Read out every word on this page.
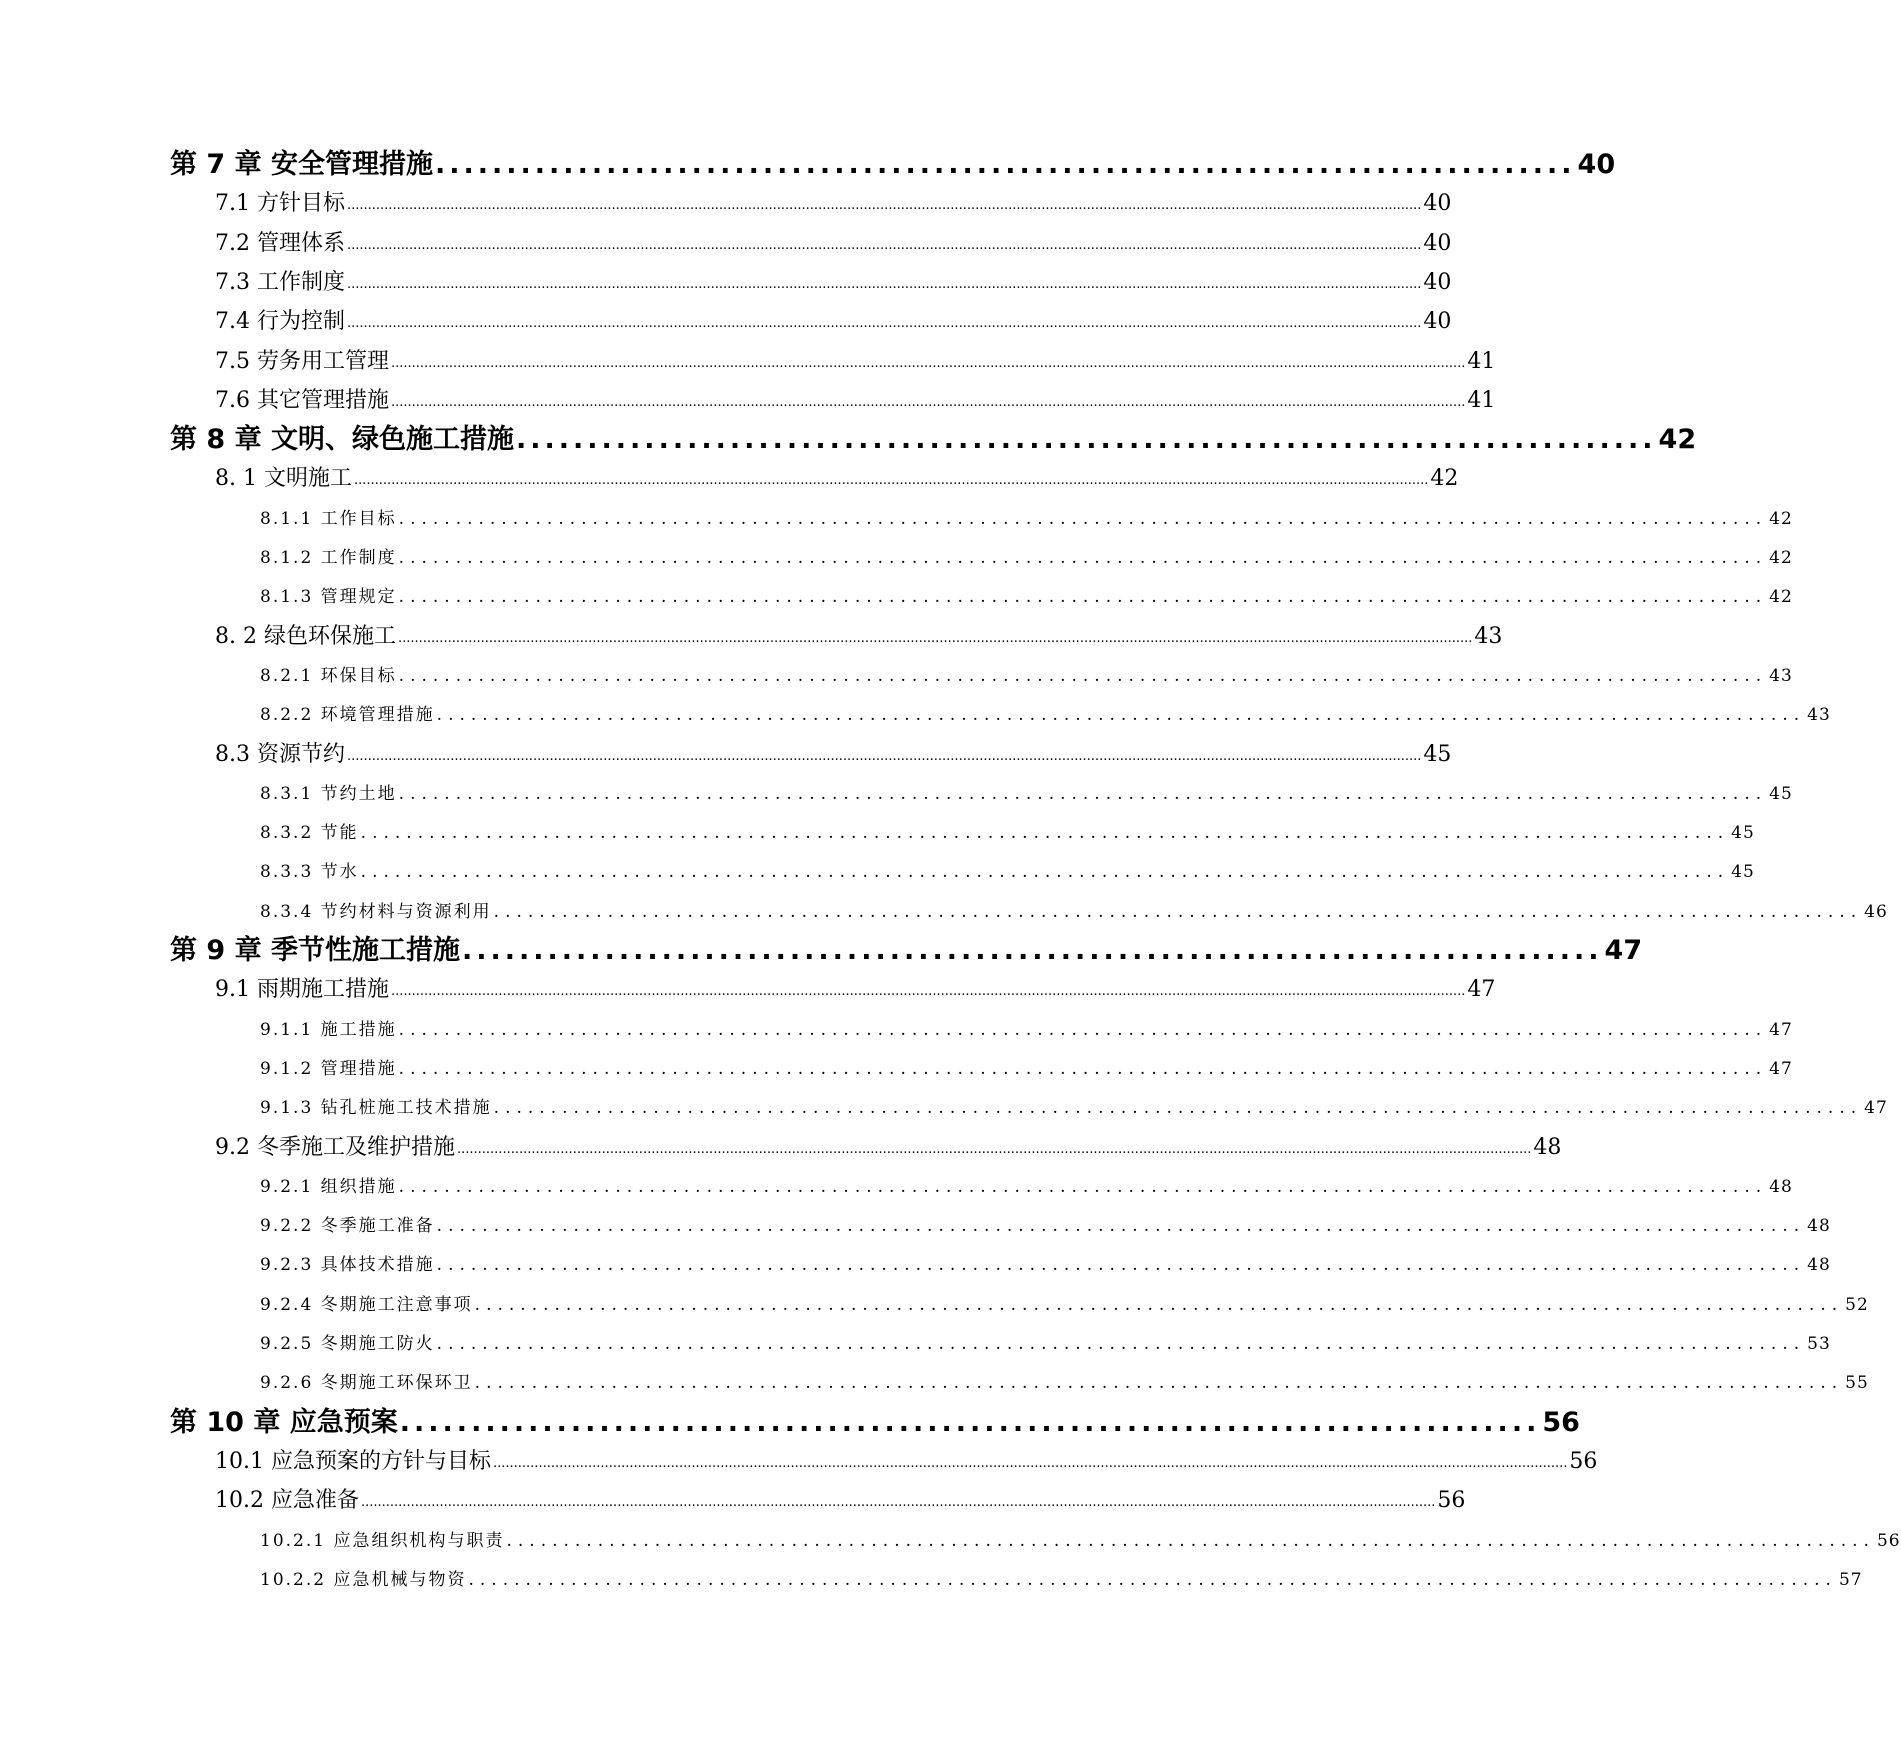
第 7 章 安全管理措施 ................................................................................ 40
7.1 方针目标 .................................................................................................................................................................................................................................................................... 40
7.2 管理体系 .................................................................................................................................................................................................................................................................... 40
7.3 工作制度 .................................................................................................................................................................................................................................................................... 40
7.4 行为控制 .................................................................................................................................................................................................................................................................... 40
7.5 劳务用工管理 .................................................................................................................................................................................................................................................................... 41
7.6 其它管理措施 .................................................................................................................................................................................................................................................................... 41
第 8 章 文明、绿色施工措施 ................................................................................ 42
8. 1 文明施工 .................................................................................................................................................................................................................................................................... 42
8.1.1 工作目标 ........................................................................................................................ 42
8.1.2 工作制度 ........................................................................................................................ 42
8.1.3 管理规定 ........................................................................................................................ 42
8. 2 绿色环保施工 .................................................................................................................................................................................................................................................................... 43
8.2.1 环保目标 ........................................................................................................................ 43
8.2.2 环境管理措施 ........................................................................................................................ 43
8.3 资源节约 .................................................................................................................................................................................................................................................................... 45
8.3.1 节约土地 ........................................................................................................................ 45
8.3.2 节能 ........................................................................................................................ 45
8.3.3 节水 ........................................................................................................................ 45
8.3.4 节约材料与资源利用 ........................................................................................................................ 46
第 9 章 季节性施工措施 ................................................................................ 47
9.1 雨期施工措施 .................................................................................................................................................................................................................................................................... 47
9.1.1 施工措施 ........................................................................................................................ 47
9.1.2 管理措施 ........................................................................................................................ 47
9.1.3 钻孔桩施工技术措施 ........................................................................................................................ 47
9.2 冬季施工及维护措施 .................................................................................................................................................................................................................................................................... 48
9.2.1 组织措施 ........................................................................................................................ 48
9.2.2 冬季施工准备 ........................................................................................................................ 48
9.2.3 具体技术措施 ........................................................................................................................ 48
9.2.4 冬期施工注意事项 ........................................................................................................................ 52
9.2.5 冬期施工防火 ........................................................................................................................ 53
9.2.6 冬期施工环保环卫 ........................................................................................................................ 55
第 10 章 应急预案 ................................................................................ 56
10.1 应急预案的方针与目标 .................................................................................................................................................................................................................................................................... 56
10.2 应急准备 .................................................................................................................................................................................................................................................................... 56
10.2.1 应急组织机构与职责 ........................................................................................................................ 56
10.2.2 应急机械与物资 ........................................................................................................................ 57
